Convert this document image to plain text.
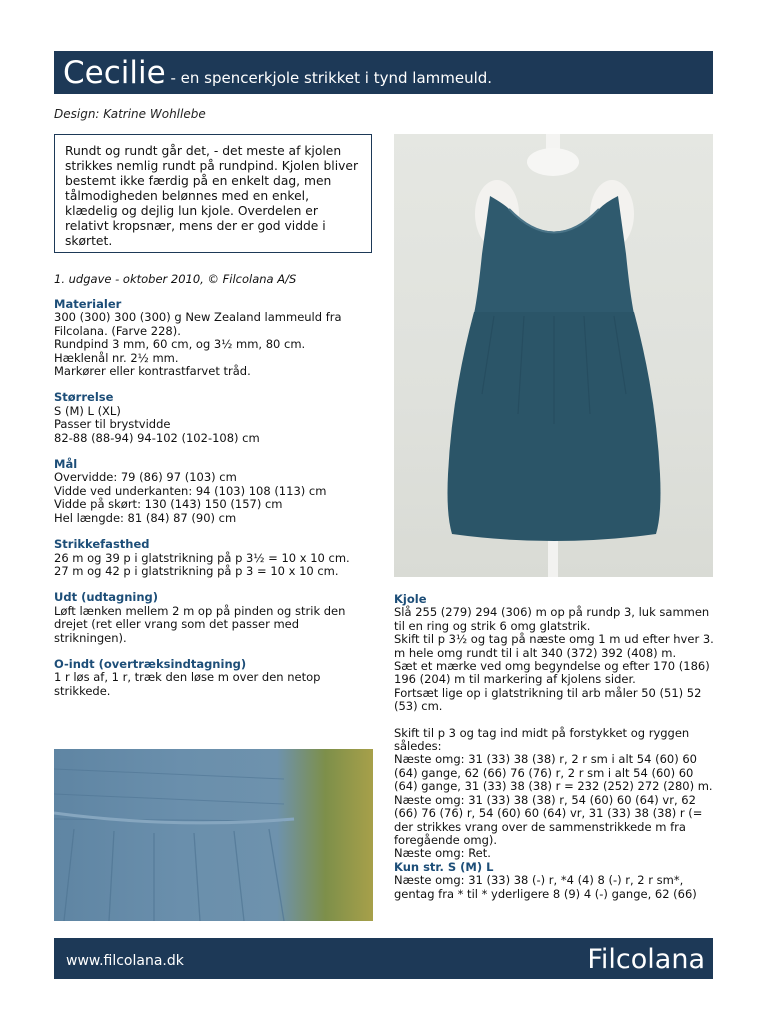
Cecilie - en spencerkjole strikket i tynd lammeuld.
Design: Katrine Wohllebe
Rundt og rundt går det, - det meste af kjolen strikkes nemlig rundt på rundpind. Kjolen bliver bestemt ikke færdig på en enkelt dag, men tålmodigheden belønnes med en enkel, klædelig og dejlig lun kjole. Overdelen er relativt kropsnær, mens der er god vidde i skørtet.
1. udgave - oktober 2010, © Filcolana A/S
Materialer

300 (300) 300 (300) g New Zealand lammeuld fra Filcolana. (Farve 228).

Rundpind 3 mm, 60 cm, og 3½ mm, 80 cm.

Hæklenål nr. 2½ mm.

Markører eller kontrastfarvet tråd.

Størrelse

S (M) L (XL)

Passer til brystvidde

82-88 (88-94) 94-102 (102-108) cm

Mål

Overvidde: 79 (86) 97 (103) cm

Vidde ved underkanten: 94 (103) 108 (113) cm

Vidde på skørt: 130 (143) 150 (157) cm

Hel længde: 81 (84) 87 (90) cm

Strikkefasthed

26 m og 39 p i glatstrikning på p 3½ = 10 x 10 cm.

27 m og 42 p i glatstrikning på p 3 = 10 x 10 cm.

Udt (udtagning)

Løft lænken mellem 2 m op på pinden og strik den drejet (ret eller vrang som det passer med strikningen).

O-indt (overtræksindtagning)

1 r løs af, 1 r, træk den løse m over den netop strikkede.

Kjole

Slå 255 (279) 294 (306) m op på rundp 3, luk sammen til en ring og strik 6 omg glatstrik.

Skift til p 3½ og tag på næste omg 1 m ud efter hver 3. m hele omg rundt til i alt 340 (372) 392 (408) m.

Sæt et mærke ved omg begyndelse og efter 170 (186) 196 (204) m til markering af kjolens sider.

Fortsæt lige op i glatstrikning til arb måler 50 (51) 52 (53) cm.

Skift til p 3 og tag ind midt på forstykket og ryggen således:

Næste omg: 31 (33) 38 (38) r, 2 r sm i alt 54 (60) 60 (64) gange, 62 (66) 76 (76) r, 2 r sm i alt 54 (60) 60 (64) gange, 31 (33) 38 (38) r = 232 (252) 272 (280) m.

Næste omg: 31 (33) 38 (38) r, 54 (60) 60 (64) vr, 62 (66) 76 (76) r, 54 (60) 60 (64) vr, 31 (33) 38 (38) r (= der strikkes vrang over de sammenstrikkede m fra foregående omg).

Næste omg: Ret.

Kun str. S (M) L

Næste omg: 31 (33) 38 (-) r, *4 (4) 8 (-) r, 2 r sm*, gentag fra * til * yderligere 8 (9) 4 (-) gange, 62 (66)

www.filcolana.dk	Filcolana
